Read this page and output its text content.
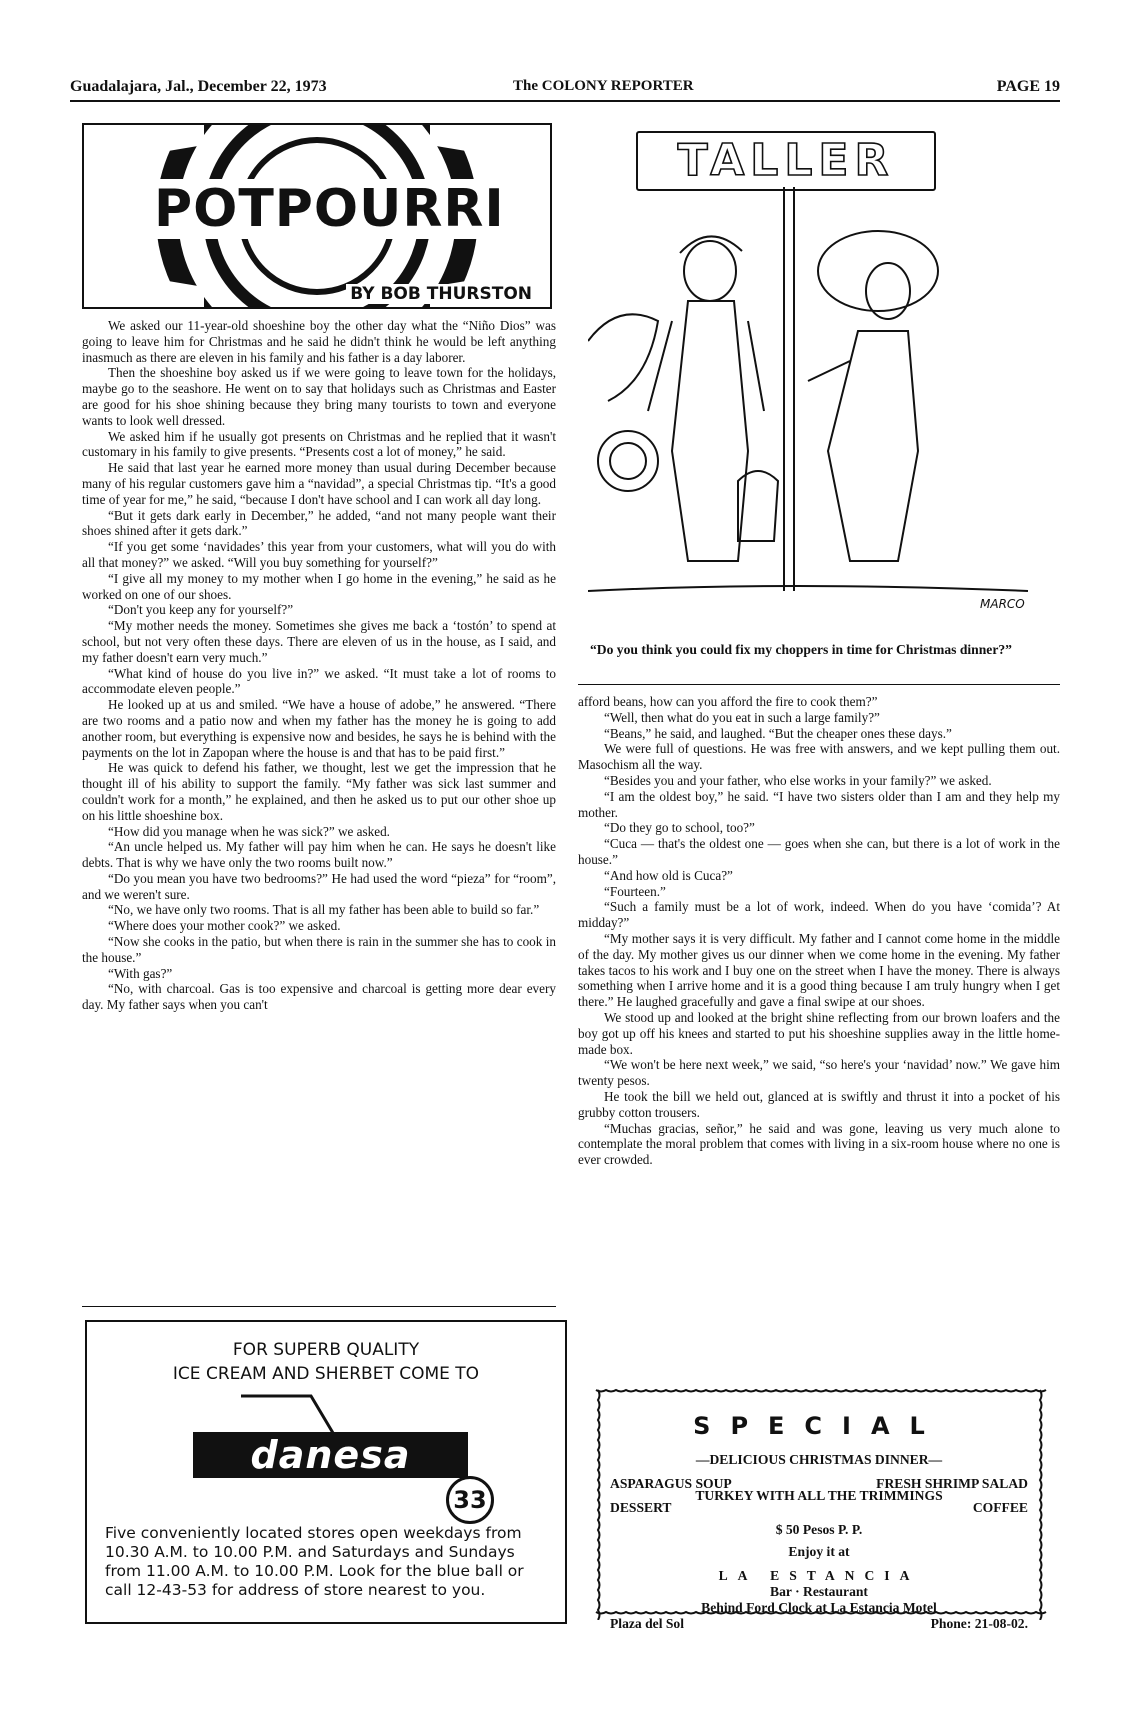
Guadalajara, Jal., December 22, 1973	The COLONY REPORTER	PAGE 19
POTPOURRI
BY BOB THURSTON

We asked our 11-year-old shoeshine boy the other day what the “Niño Dios” was going to leave him for Christmas and he said he didn't think he would be left anything inasmuch as there are eleven in his family and his father is a day laborer.

Then the shoeshine boy asked us if we were going to leave town for the holidays, maybe go to the seashore. He went on to say that holidays such as Christmas and Easter are good for his shoe shining because they bring many tourists to town and everyone wants to look well dressed.

We asked him if he usually got presents on Christmas and he replied that it wasn't customary in his family to give presents. “Presents cost a lot of money,” he said.

He said that last year he earned more money than usual during December because many of his regular customers gave him a “navidad”, a special Christmas tip. “It's a good time of year for me,” he said, “because I don't have school and I can work all day long.

“But it gets dark early in December,” he added, “and not many people want their shoes shined after it gets dark.”

“If you get some ‘navidades’ this year from your customers, what will you do with all that money?” we asked. “Will you buy something for yourself?”

“I give all my money to my mother when I go home in the evening,” he said as he worked on one of our shoes.

“Don't you keep any for yourself?”

“My mother needs the money. Sometimes she gives me back a ‘tostón’ to spend at school, but not very often these days. There are eleven of us in the house, as I said, and my father doesn't earn very much.”

“What kind of house do you live in?” we asked. “It must take a lot of rooms to accommodate eleven people.”

He looked up at us and smiled. “We have a house of adobe,” he answered. “There are two rooms and a patio now and when my father has the money he is going to add another room, but everything is expensive now and besides, he says he is behind with the payments on the lot in Zapopan where the house is and that has to be paid first.”

He was quick to defend his father, we thought, lest we get the impression that he thought ill of his ability to support the family. “My father was sick last summer and couldn't work for a month,” he explained, and then he asked us to put our other shoe up on his little shoeshine box.

“How did you manage when he was sick?” we asked.

“An uncle helped us. My father will pay him when he can. He says he doesn't like debts. That is why we have only the two rooms built now.”

“Do you mean you have two bedrooms?” He had used the word “pieza” for “room”, and we weren't sure.

“No, we have only two rooms. That is all my father has been able to build so far.”

“Where does your mother cook?” we asked.

“Now she cooks in the patio, but when there is rain in the summer she has to cook in the house.”

“With gas?”

“No, with charcoal. Gas is too expensive and charcoal is getting more dear every day. My father says when you can't

TALLER
MARCO
“Do you think you could fix my choppers in time for Christmas dinner?”

afford beans, how can you afford the fire to cook them?”

“Well, then what do you eat in such a large family?”

“Beans,” he said, and laughed. “But the cheaper ones these days.”

We were full of questions. He was free with answers, and we kept pulling them out. Masochism all the way.

“Besides you and your father, who else works in your family?” we asked.

“I am the oldest boy,” he said. “I have two sisters older than I am and they help my mother.

“Do they go to school, too?”

“Cuca — that's the oldest one — goes when she can, but there is a lot of work in the house.”

“And how old is Cuca?”

“Fourteen.”

“Such a family must be a lot of work, indeed. When do you have ‘comida’? At midday?”

“My mother says it is very difficult. My father and I cannot come home in the middle of the day. My mother gives us our dinner when we come home in the evening. My father takes tacos to his work and I buy one on the street when I have the money. There is always something when I arrive home and it is a good thing because I am truly hungry when I get there.” He laughed gracefully and gave a final swipe at our shoes.

We stood up and looked at the bright shine reflecting from our brown loafers and the boy got up off his knees and started to put his shoeshine supplies away in the little home-made box.

“We won't be here next week,” we said, “so here's your ‘navidad’ now.” We gave him twenty pesos.

He took the bill we held out, glanced at is swiftly and thrust it into a pocket of his grubby cotton trousers.

“Muchas gracias, señor,” he said and was gone, leaving us very much alone to contemplate the moral problem that comes with living in a six-room house where no one is ever crowded.

FOR SUPERB QUALITY
ICE CREAM AND SHERBET COME TO
danesa
33
Five conveniently located stores open weekdays from 10.30 A.M. to 10.00 P.M. and Saturdays and Sundays from 11.00 A.M. to 10.00 P.M. Look for the blue ball or call 12-43-53 for address of store nearest to you.
SPECIAL
—DELICIOUS CHRISTMAS DINNER—
ASPARAGUS SOUP	FRESH SHRIMP SALAD
TURKEY WITH ALL THE TRIMMINGS
DESSERT	COFFEE
$ 50 Pesos P. P.
Enjoy it at
LA ESTANCIA
Bar · Restaurant
Behind Ford Clock at La Estancia Motel
Plaza del Sol	Phone: 21-08-02.
